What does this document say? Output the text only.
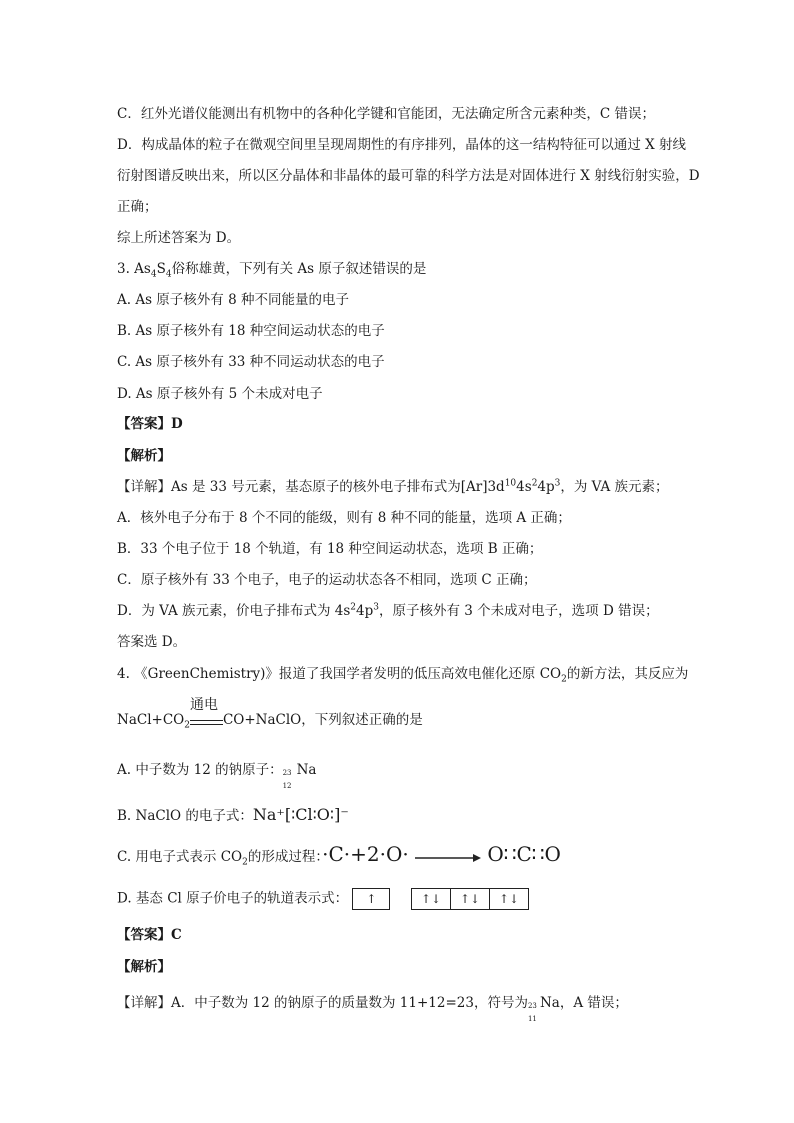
C．红外光谱仪能测出有机物中的各种化学键和官能团，无法确定所含元素种类，C 错误；
D．构成晶体的粒子在微观空间里呈现周期性的有序排列，晶体的这一结构特征可以通过 X 射线
衍射图谱反映出来，所以区分晶体和非晶体的最可靠的科学方法是对固体进行 X 射线衍射实验，D
正确；
综上所述答案为 D。
3. $As_4S_4$俗称雄黄，下列有关 As 原子叙述错误的是
A. As 原子核外有 8 种不同能量的电子
B. As 原子核外有 18 种空间运动状态的电子
C. As 原子核外有 33 种不同运动状态的电子
D. As 原子核外有 5 个未成对电子
【答案】D
【解析】
【详解】As 是 33 号元素，基态原子的核外电子排布式为$[Ar]3d^{10}4s^24p^3$，为 VA 族元素；
A．核外电子分布于 8 个不同的能级，则有 8 种不同的能量，选项 A 正确；
B．33 个电子位于 18 个轨道，有 18 种空间运动状态，选项 B 正确；
C．原子核外有 33 个电子，电子的运动状态各不相同，选项 C 正确；
D．为 VA 族元素，价电子排布式为 $4s^24p^3$，原子核外有 3 个未成对电子，选项 D 错误；
答案选 D。
4. 《GreenChemistry)》报道了我国学者发明的低压高效电催化还原 $CO_2$的新方法，其反应为
$NaCl+CO_2$
通电
CO+NaClO，下列叙述正确的是
A. 中子数为 12 的钠原子： 23
12
Na
B. NaClO 的电子式：Na⁺[∶Cl∶O∶]⁻
C. 用电子式表示 $CO_2$的形成过程：·C·+2·O·	O∷C∷O
D. 基态 Cl 原子价电子的轨道表示式： ↑	↑↓ ↑↓ ↑↓
【答案】C
【解析】
【详解】A．中子数为 12 的钠原子的质量数为 11+12=23，符号为 23
11
Na，A 错误；
